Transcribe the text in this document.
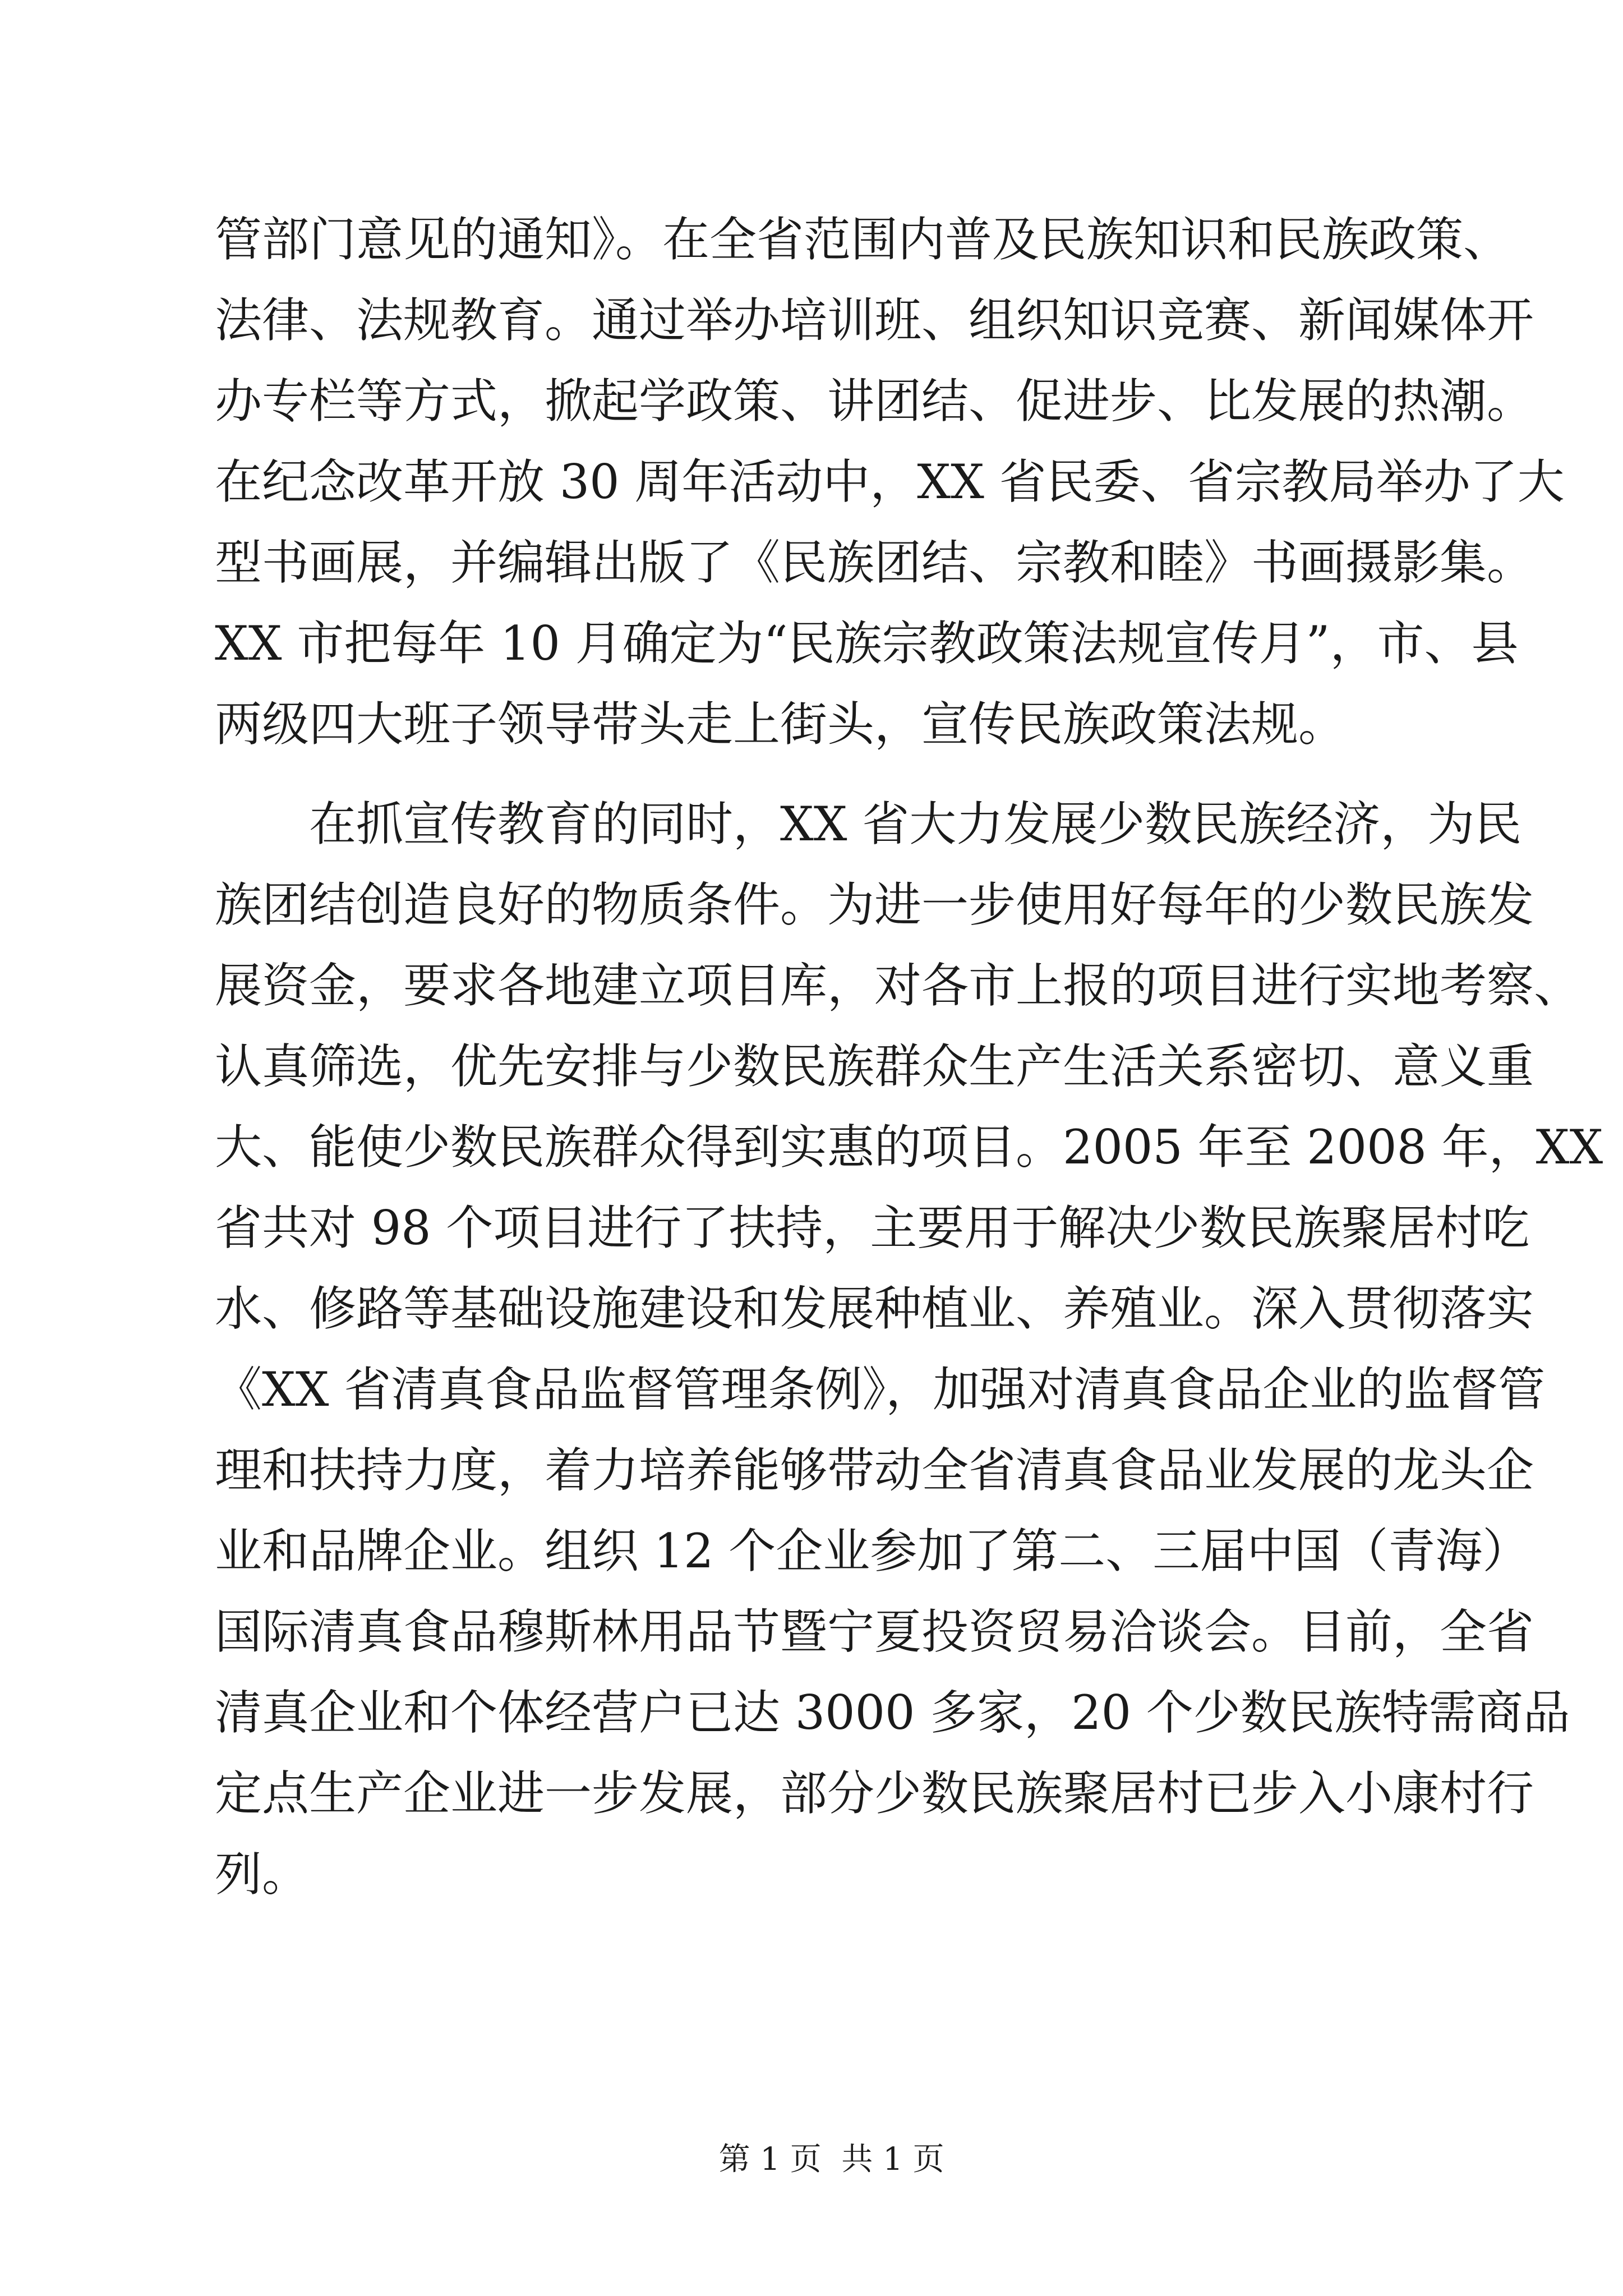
管部门意见的通知》。在全省范围内普及民族知识和民族政策、
法律、法规教育。通过举办培训班、组织知识竞赛、新闻媒体开
办专栏等方式，掀起学政策、讲团结、促进步、比发展的热潮。
在纪念改革开放 30 周年活动中，XX 省民委、省宗教局举办了大
型书画展，并编辑出版了《民族团结、宗教和睦》书画摄影集。
XX 市把每年 10 月确定为“民族宗教政策法规宣传月”，市、县
两级四大班子领导带头走上街头，宣传民族政策法规。
在抓宣传教育的同时，XX 省大力发展少数民族经济，为民
族团结创造良好的物质条件。为进一步使用好每年的少数民族发
展资金，要求各地建立项目库，对各市上报的项目进行实地考察、
认真筛选，优先安排与少数民族群众生产生活关系密切、意义重
大、能使少数民族群众得到实惠的项目。2005 年至 2008 年，XX
省共对 98 个项目进行了扶持，主要用于解决少数民族聚居村吃
水、修路等基础设施建设和发展种植业、养殖业。深入贯彻落实
《XX 省清真食品监督管理条例》，加强对清真食品企业的监督管
理和扶持力度，着力培养能够带动全省清真食品业发展的龙头企
业和品牌企业。组织 12 个企业参加了第二、三届中国（青海）
国际清真食品穆斯林用品节暨宁夏投资贸易洽谈会。目前，全省
清真企业和个体经营户已达 3000 多家，20 个少数民族特需商品
定点生产企业进一步发展，部分少数民族聚居村已步入小康村行
列。

第 1 页  共 1 页
